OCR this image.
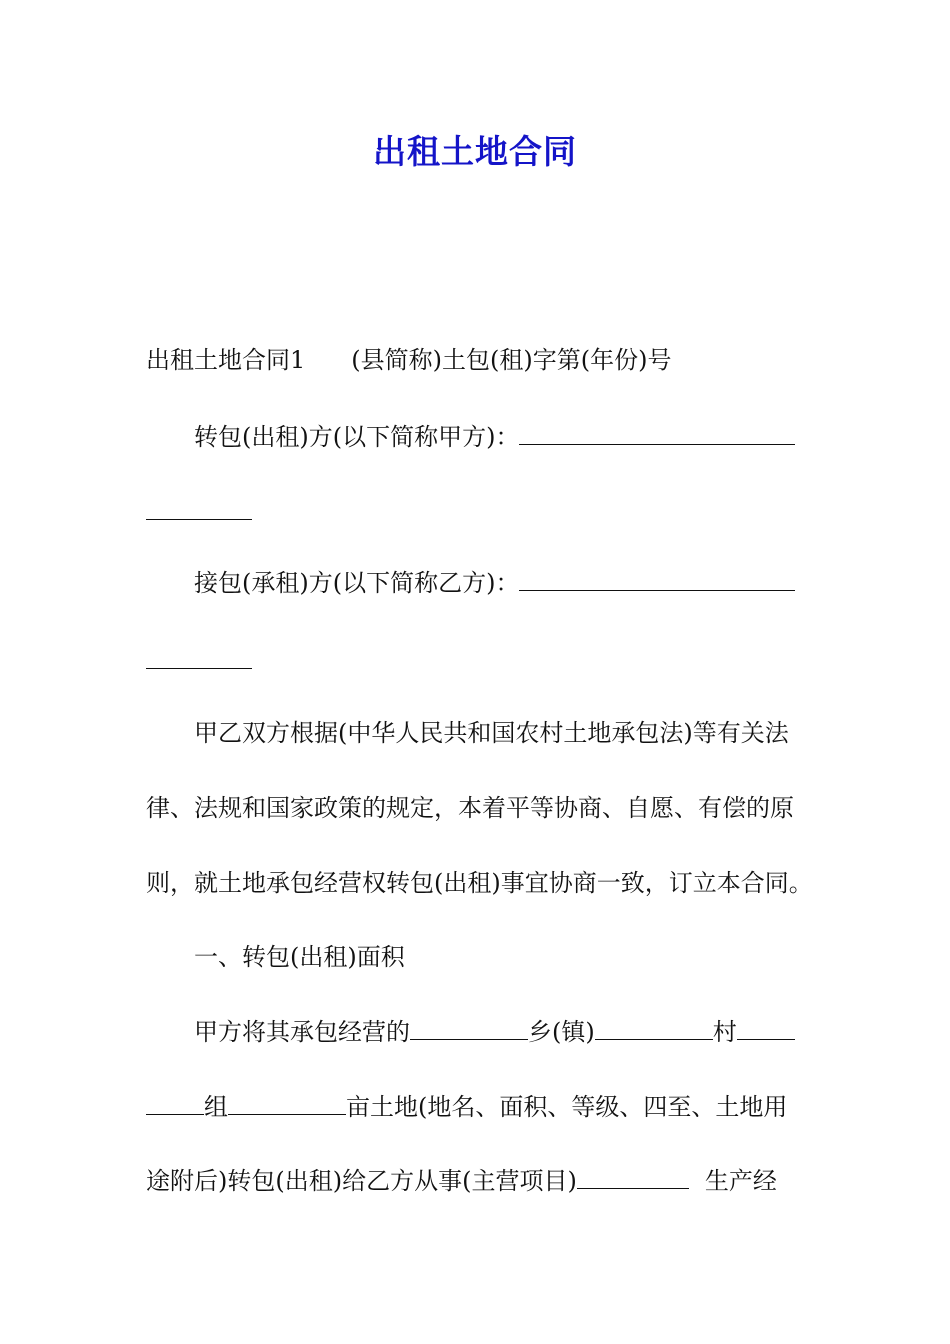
出租土地合同
出租土地合同1 (县简称)土包(租)字第(年份)号
转包(出租)方(以下简称甲方)：
接包(承租)方(以下简称乙方)：
甲乙双方根据(中华人民共和国农村土地承包法)等有关法
律、法规和国家政策的规定，本着平等协商、自愿、有偿的原
则，就土地承包经营权转包(出租)事宜协商一致，订立本合同。
一、转包(出租)面积
甲方将其承包经营的	乡(镇)	村
组	亩土地(地名、面积、等级、四至、土地用
途附后)转包(出租)给乙方从事(主营项目)	生产经
